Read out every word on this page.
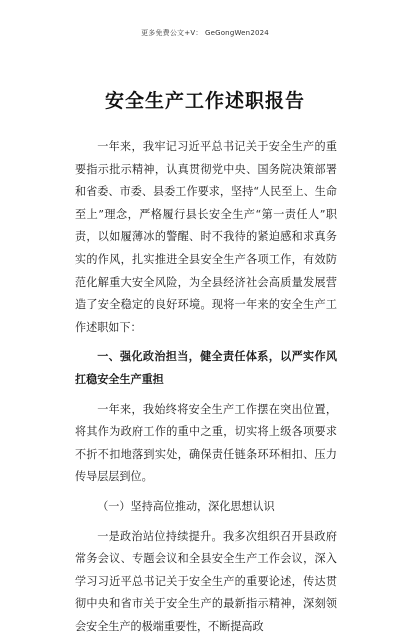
更多免费公文+V： GeGongWen2024
安全生产工作述职报告

一年来，我牢记习近平总书记关于安全生产的重要指示批示精神，认真贯彻党中央、国务院决策部署和省委、市委、县委工作要求，坚持“人民至上、生命至上”理念，严格履行县长安全生产“第一责任人”职责，以如履薄冰的警醒、时不我待的紧迫感和求真务实的作风，扎实推进全县安全生产各项工作，有效防范化解重大安全风险，为全县经济社会高质量发展营造了安全稳定的良好环境。现将一年来的安全生产工作述职如下：

一、强化政治担当，健全责任体系，以严实作风扛稳安全生产重担

一年来，我始终将安全生产工作摆在突出位置，将其作为政府工作的重中之重，切实将上级各项要求不折不扣地落到实处，确保责任链条环环相扣、压力传导层层到位。

（一）坚持高位推动，深化思想认识

一是政治站位持续提升。我多次组织召开县政府常务会议、专题会议和全县安全生产工作会议，深入学习习近平总书记关于安全生产的重要论述，传达贯彻中央和省市关于安全生产的最新指示精神，深刻领会安全生产的极端重要性，不断提高政
